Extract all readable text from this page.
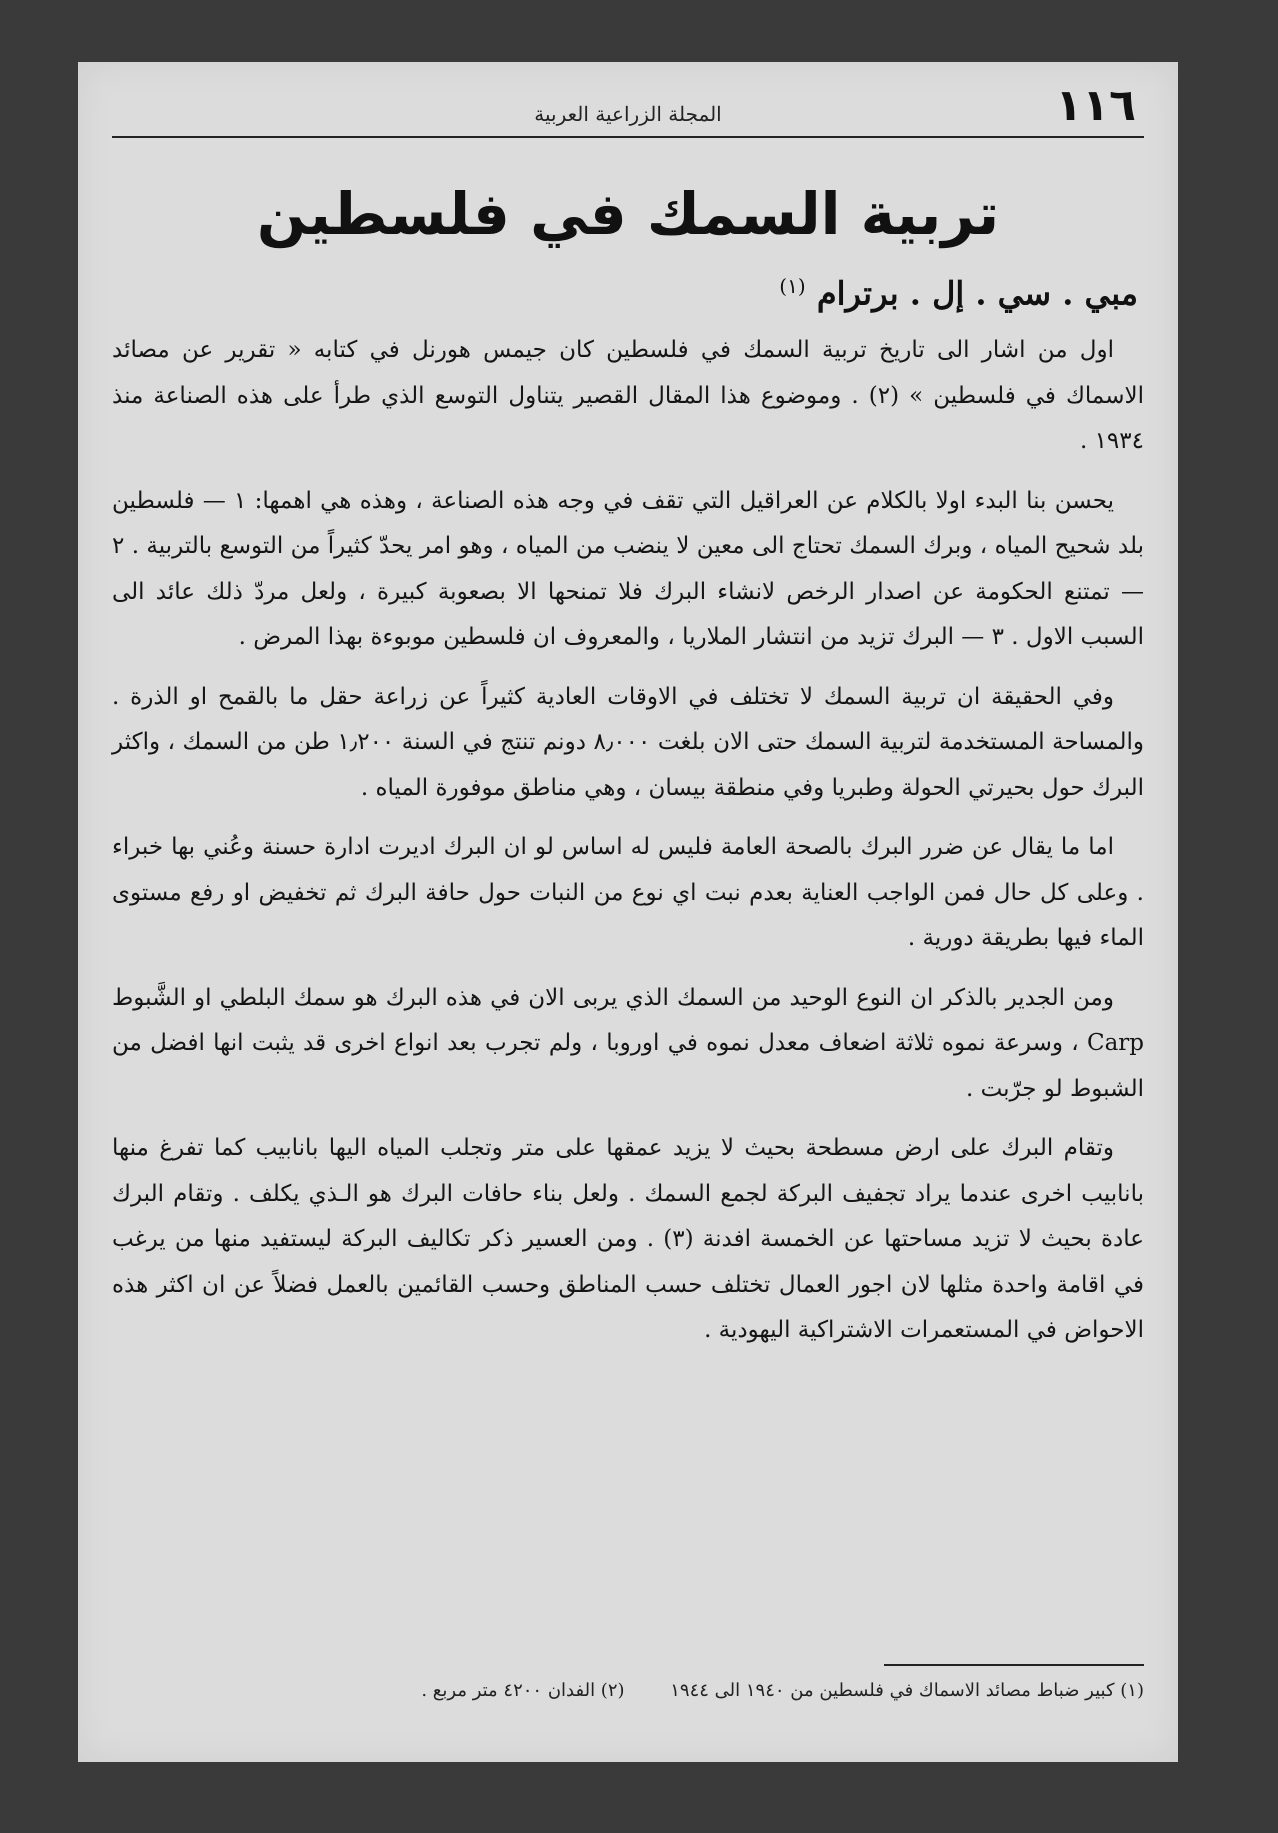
١١٦
المجلة الزراعية العربية
تربية السمك في فلسطين
مبي . سي . إل . برترام $^{(١)}$

اول من اشار الى تاريخ تربية السمك في فلسطين كان جيمس هورنل في كتابه « تقرير عن مصائد الاسماك في فلسطين » (٢) . وموضوع هذا المقال القصير يتناول التوسع الذي طرأ على هذه الصناعة منذ ١٩٣٤ .

يحسن بنا البدء اولا بالكلام عن العراقيل التي تقف في وجه هذه الصناعة ، وهذه هي اهمها: ١ — فلسطين بلد شحيح المياه ، وبرك السمك تحتاج الى معين لا ينضب من المياه ، وهو امر يحدّ كثيراً من التوسع بالتربية . ٢ — تمتنع الحكومة عن اصدار الرخص لانشاء البرك فلا تمنحها الا بصعوبة كبيرة ، ولعل مردّ ذلك عائد الى السبب الاول . ٣ — البرك تزيد من انتشار الملاريا ، والمعروف ان فلسطين موبوءة بهذا المرض .

وفي الحقيقة ان تربية السمك لا تختلف في الاوقات العادية كثيراً عن زراعة حقل ما بالقمح او الذرة . والمساحة المستخدمة لتربية السمك حتى الان بلغت ٨٫٠٠٠ دونم تنتج في السنة ١٫٢٠٠ طن من السمك ، واكثر البرك حول بحيرتي الحولة وطبريا وفي منطقة بيسان ، وهي مناطق موفورة المياه .

اما ما يقال عن ضرر البرك بالصحة العامة فليس له اساس لو ان البرك اديرت ادارة حسنة وعُني بها خبراء . وعلى كل حال فمن الواجب العناية بعدم نبت اي نوع من النبات حول حافة البرك ثم تخفيض او رفع مستوى الماء فيها بطريقة دورية .

ومن الجدير بالذكر ان النوع الوحيد من السمك الذي يربى الان في هذه البرك هو سمك البلطي او الشَّبوط Carp ، وسرعة نموه ثلاثة اضعاف معدل نموه في اوروبا ، ولم تجرب بعد انواع اخرى قد يثبت انها افضل من الشبوط لو جرّبت .

وتقام البرك على ارض مسطحة بحيث لا يزيد عمقها على متر وتجلب المياه اليها بانابيب كما تفرغ منها بانابيب اخرى عندما يراد تجفيف البركة لجمع السمك . ولعل بناء حافات البرك هو الـذي يكلف . وتقام البرك عادة بحيث لا تزيد مساحتها عن الخمسة افدنة (٣) . ومن العسير ذكر تكاليف البركة ليستفيد منها من يرغب في اقامة واحدة مثلها لان اجور العمال تختلف حسب المناطق وحسب القائمين بالعمل فضلاً عن ان اكثر هذه الاحواض في المستعمرات الاشتراكية اليهودية .

(١) كبير ضباط مصائد الاسماك في فلسطين من ١٩٤٠ الى ١٩٤٤ (٢) الفدان ٤٢٠٠ متر مربع .
